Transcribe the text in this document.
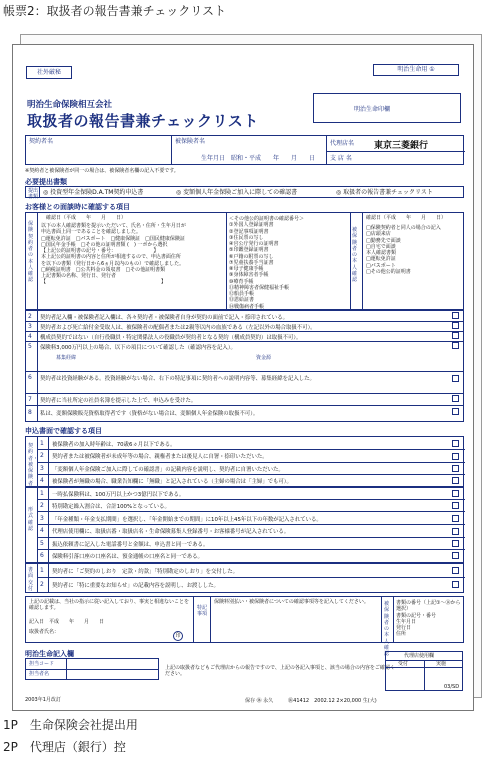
帳票2：取扱者の報告書兼チェックリスト
社外厳秘	明治生命用 ①
明治生命印欄
明治生命保険相互会社
取扱者の報告書兼チェックリスト
契約者名	被保険者名
生年月日　昭和・平成　　年　　月　　日
代理店名 東京三菱銀行
支 店 名
※契約者と被保険者が同一の場合は、被保険者名欄の記入不要です。
必要提出書類
提出書類
◎ 投資型年金保険D.A.TM契約申込書	◎ 変額個人年金保険ご加入に際しての確認書	◎ 取扱者の報告書兼チェックリスト
お客様との面談時に確認する項目
保険契約者の本人確認
被保険者の本人確認
確認日（平成　　年　　月　　日）
以下の本人確認書類を提示いただいて、氏名・住所・生年月日が
申込書面上同一であることを確認しました。
□運転免許証　□パスポート　□健康保険証　□国民健康保険証
□国民年金手帳　□その他の証明書類 (　) 一ポから選択
【上記公的証明書の記号・番号：　　　　　　　　】
本上記公的証明書の内容と住所が相違するので、申込書面住所
を以下の書類（発行日から6ヵ月以内のもの）で確認しました。
□納税証明書　□公共料金の領収書　□その他証明書類
上記書類の名称、発行日、発行者
【　　　　　　　　　　　　　　　　　　　　　　　】
＜その他公的証明書の確認番号＞
①外国人登録証明書
②登記事項証明書
③住民票の写し
④官公庁発行の証明書
⑤印鑑登録証明書
⑥戸籍の附票の写し
⑦児童扶養手当証書
⑧母子健康手帳
⑨身体障害者手帳
⑩療育手帳
⑪精神障害者保健福祉手帳
⑫船員手帳
⑬恩給証書
⑭戦傷病者手帳
確認日（平成　　年　　月　　日）
□保険契約者と同人の場合の記入
□店頭来店
□勤務先で面談
□自宅で面談
本人確認書類
□運転免許証
□パスポート
□その他公的証明書
2 契約者記入欄・被保険者記入欄は、各々契約者・被保険者自身が契約の面前で記入・捺印されている。
3 契約者および死亡給付金受取人は、被保険者の配偶者または2親等以内の血族である（左記以外の場合取扱不可）。
4 構成員契約ではない（自行役職員・特定関係法人の役職員が契約者となる契約（構成員契約）は取扱不可）。
5 保険料3,000万円以上の場合、以下の項目について確認した（確認内容を記入）。
募集経緯	資金源
6 契約者は投資経験がある。投資経験がない場合、右下の特記事項に契約者への説明内容等、募集経緯を記入した。
7 契約者に当社所定の社員名簿を提示した上で、申込みを受けた。
8 私は、変額保険販売資格取得者です（資格がない場合は、変額個人年金保険の取扱不可）。
申込書面で確認する項目
契約者・被保険者
形式確認
書面交付
1 被保険者の加入時年齢は、70歳6ヵ月以下である。
2 契約者または被保険者が未成年等の場合、親権者または後見人に自署・捺印いただいた。
3 「変額個人年金保険ご加入に際しての確認書」の記載内容を説明し、契約者に自署いただいた。
4 被保険者が無職の場合、職業告知欄に「無職」と記入されている（主婦の場合は「主婦」でも可）。
1 一時払保険料は、100万円以上かつ3億円以下である。
2 特別勘定繰入割合は、合計100%となっている。
3 「年金種類・年金支払期間」を選択し、「年金開始までの期間」に10年以上45年以下の年数が記入されている。
4 代理店使用欄に、取扱店番・取扱店名・生命保険募集人登録番号・お客様番号が記入されている。
5 振込依頼書に記入した電話番号と金額は、申込書と同一である。
6 保険料引落口座の口座名は、預金通帳の口座名と同一である。
1 契約者に「ご契約のしおり　定款・約款」「特別勘定のしおり」を交付した。
2 契約者に「特に重要なお知らせ」の記載内容を説明し、お渡しした。
上記の記載は、当社の指示に従い記入しており、事実と相違ないことを確認します。
記入日　平成　　年　　月　　日
取扱者氏名：
印
特記事項
保険料別払い・被保険者についての確認事項等を記入してください。	被保険者の本人確認
書類の番号（上記①〜⑭から選択）
書類の記号・番号
生年月日
発行日
住所
明治生命記入欄
担当コード
担当者名
上記の取扱者などもご代理店からの報告ですので、上記の各記入事項と、該当の場合の内容をご確認ください。
代理店使用欄
受付	実施
03/SD
2003年1月改訂	保存 ㊡ 永久　　　㊩41412　2002.12 2×20,000 生(大)
1P　生命保険会社提出用
2P　代理店（銀行）控
